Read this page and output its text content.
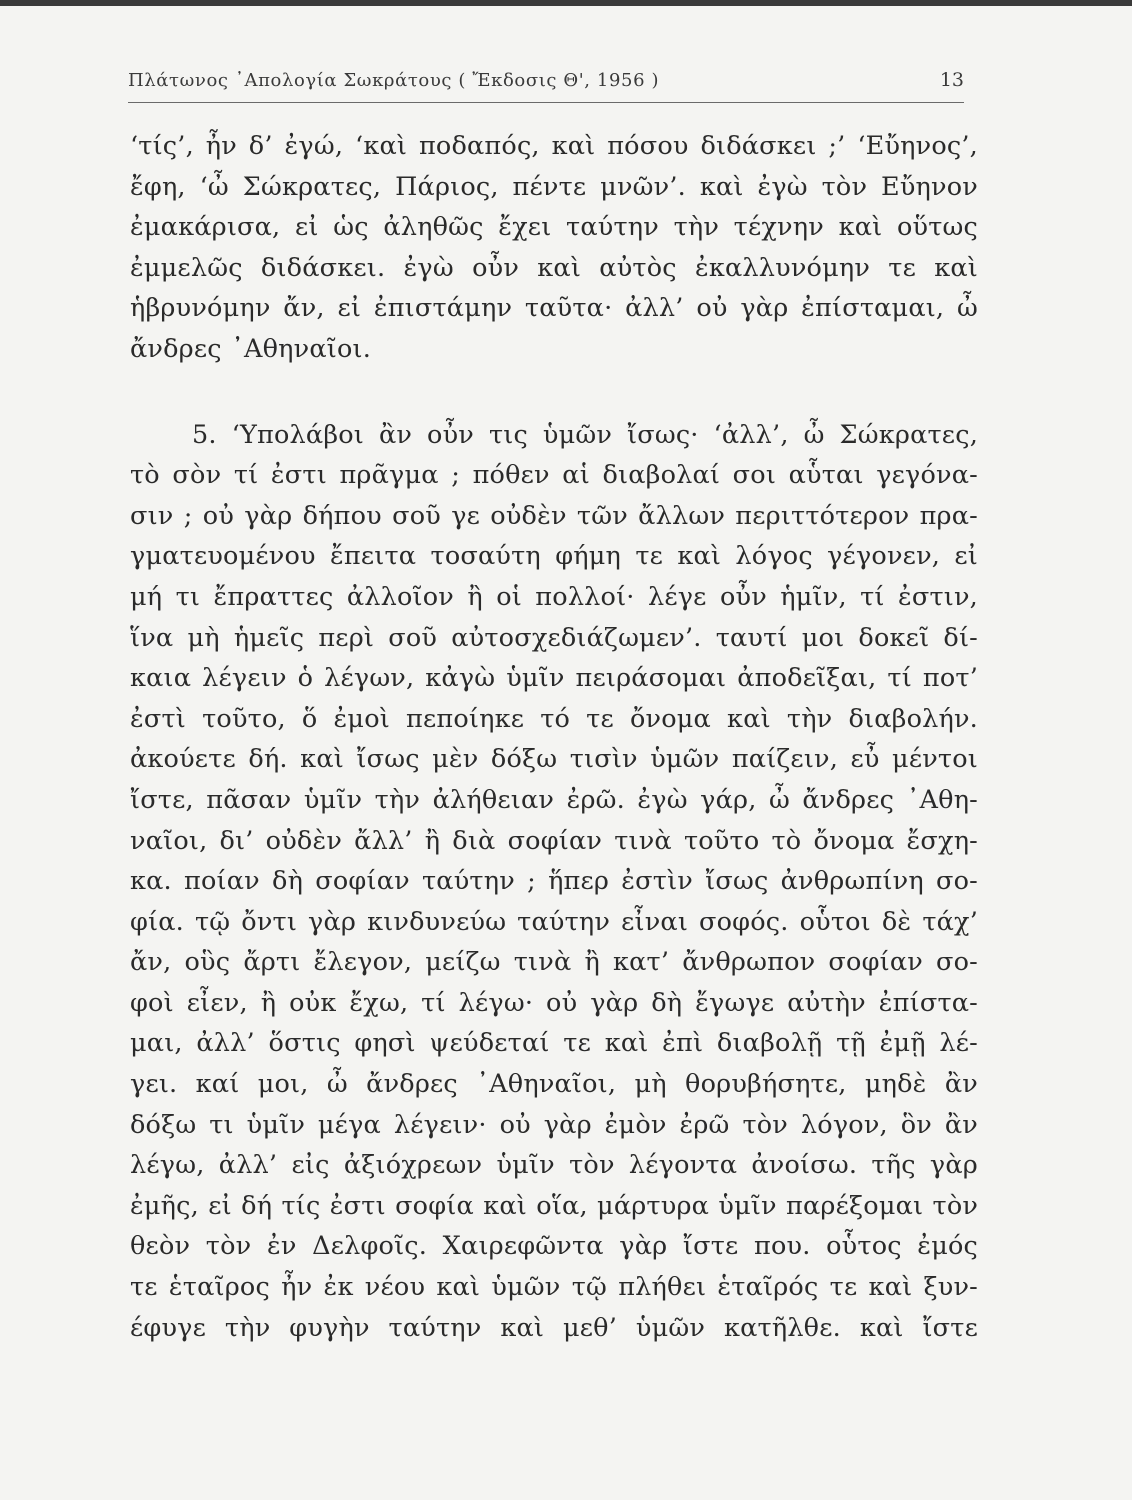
Πλάτωνος ᾿Απολογία Σωκράτους ( Ἔκδοσις Θ', 1956 )	13
‘τίς’, ἦν δ’ ἐγώ, ‘καὶ ποδαπός, καὶ πόσου διδάσκει ;’ ‘Εὔηνος’,
ἔφη, ‘ὦ Σώκρατες, Πάριος, πέντε μνῶν’. καὶ ἐγὼ τὸν Εὔηνον
ἐμακάρισα, εἰ ὡς ἀληθῶς ἔχει ταύτην τὴν τέχνην καὶ οὕτως
ἐμμελῶς διδάσκει. ἐγὼ οὖν καὶ αὐτὸς ἐκαλλυνόμην τε καὶ
ἡβρυνόμην ἄν, εἰ ἐπιστάμην ταῦτα· ἀλλ’ οὐ γὰρ ἐπίσταμαι, ὦ
ἄνδρες ᾿Αθηναῖοι.
5. ‘Υπολάβοι ἂν οὖν τις ὑμῶν ἴσως· ‘ἀλλ’, ὦ Σώκρατες,
τὸ σὸν τί ἐστι πρᾶγμα ; πόθεν αἱ διαβολαί σοι αὗται γεγόνα-
σιν ; οὐ γὰρ δήπου σοῦ γε οὐδὲν τῶν ἄλλων περιττότερον πρα-
γματευομένου ἔπειτα τοσαύτη φήμη τε καὶ λόγος γέγονεν, εἰ
μή τι ἔπραττες ἀλλοῖον ἢ οἱ πολλοί· λέγε οὖν ἡμῖν, τί ἐστιν,
ἵνα μὴ ἡμεῖς περὶ σοῦ αὐτοσχεδιάζωμεν’. ταυτί μοι δοκεῖ δί-
καια λέγειν ὁ λέγων, κἀγὼ ὑμῖν πειράσομαι ἀποδεῖξαι, τί ποτ’
ἐστὶ τοῦτο, ὅ ἐμοὶ πεποίηκε τό τε ὄνομα καὶ τὴν διαβολήν.
ἀκούετε δή. καὶ ἴσως μὲν δόξω τισὶν ὑμῶν παίζειν, εὖ μέντοι
ἴστε, πᾶσαν ὑμῖν τὴν ἀλήθειαν ἐρῶ. ἐγὼ γάρ, ὦ ἄνδρες ᾿Αθη-
ναῖοι, δι’ οὐδὲν ἄλλ’ ἢ διὰ σοφίαν τινὰ τοῦτο τὸ ὄνομα ἔσχη-
κα. ποίαν δὴ σοφίαν ταύτην ; ἥπερ ἐστὶν ἴσως ἀνθρωπίνη σο-
φία. τῷ ὄντι γὰρ κινδυνεύω ταύτην εἶναι σοφός. οὗτοι δὲ τάχ’
ἄν, οὓς ἄρτι ἔλεγον, μείζω τινὰ ἢ κατ’ ἄνθρωπον σοφίαν σο-
φοὶ εἶεν, ἢ οὐκ ἔχω, τί λέγω· οὐ γὰρ δὴ ἔγωγε αὐτὴν ἐπίστα-
μαι, ἀλλ’ ὅστις φησὶ ψεύδεταί τε καὶ ἐπὶ διαβολῇ τῇ ἐμῇ λέ-
γει. καί μοι, ὦ ἄνδρες ᾿Αθηναῖοι, μὴ θορυβήσητε, μηδὲ ἂν
δόξω τι ὑμῖν μέγα λέγειν· οὐ γὰρ ἐμὸν ἐρῶ τὸν λόγον, ὃν ἂν
λέγω, ἀλλ’ εἰς ἀξιόχρεων ὑμῖν τὸν λέγοντα ἀνοίσω. τῆς γὰρ
ἐμῆς, εἰ δή τίς ἐστι σοφία καὶ οἵα, μάρτυρα ὑμῖν παρέξομαι τὸν
θεὸν τὸν ἐν Δελφοῖς. Χαιρεφῶντα γὰρ ἴστε που. οὗτος ἐμός
τε ἑταῖρος ἦν ἐκ νέου καὶ ὑμῶν τῷ πλήθει ἑταῖρός τε καὶ ξυν-
έφυγε τὴν φυγὴν ταύτην καὶ μεθ’ ὑμῶν κατῆλθε. καὶ ἴστε
